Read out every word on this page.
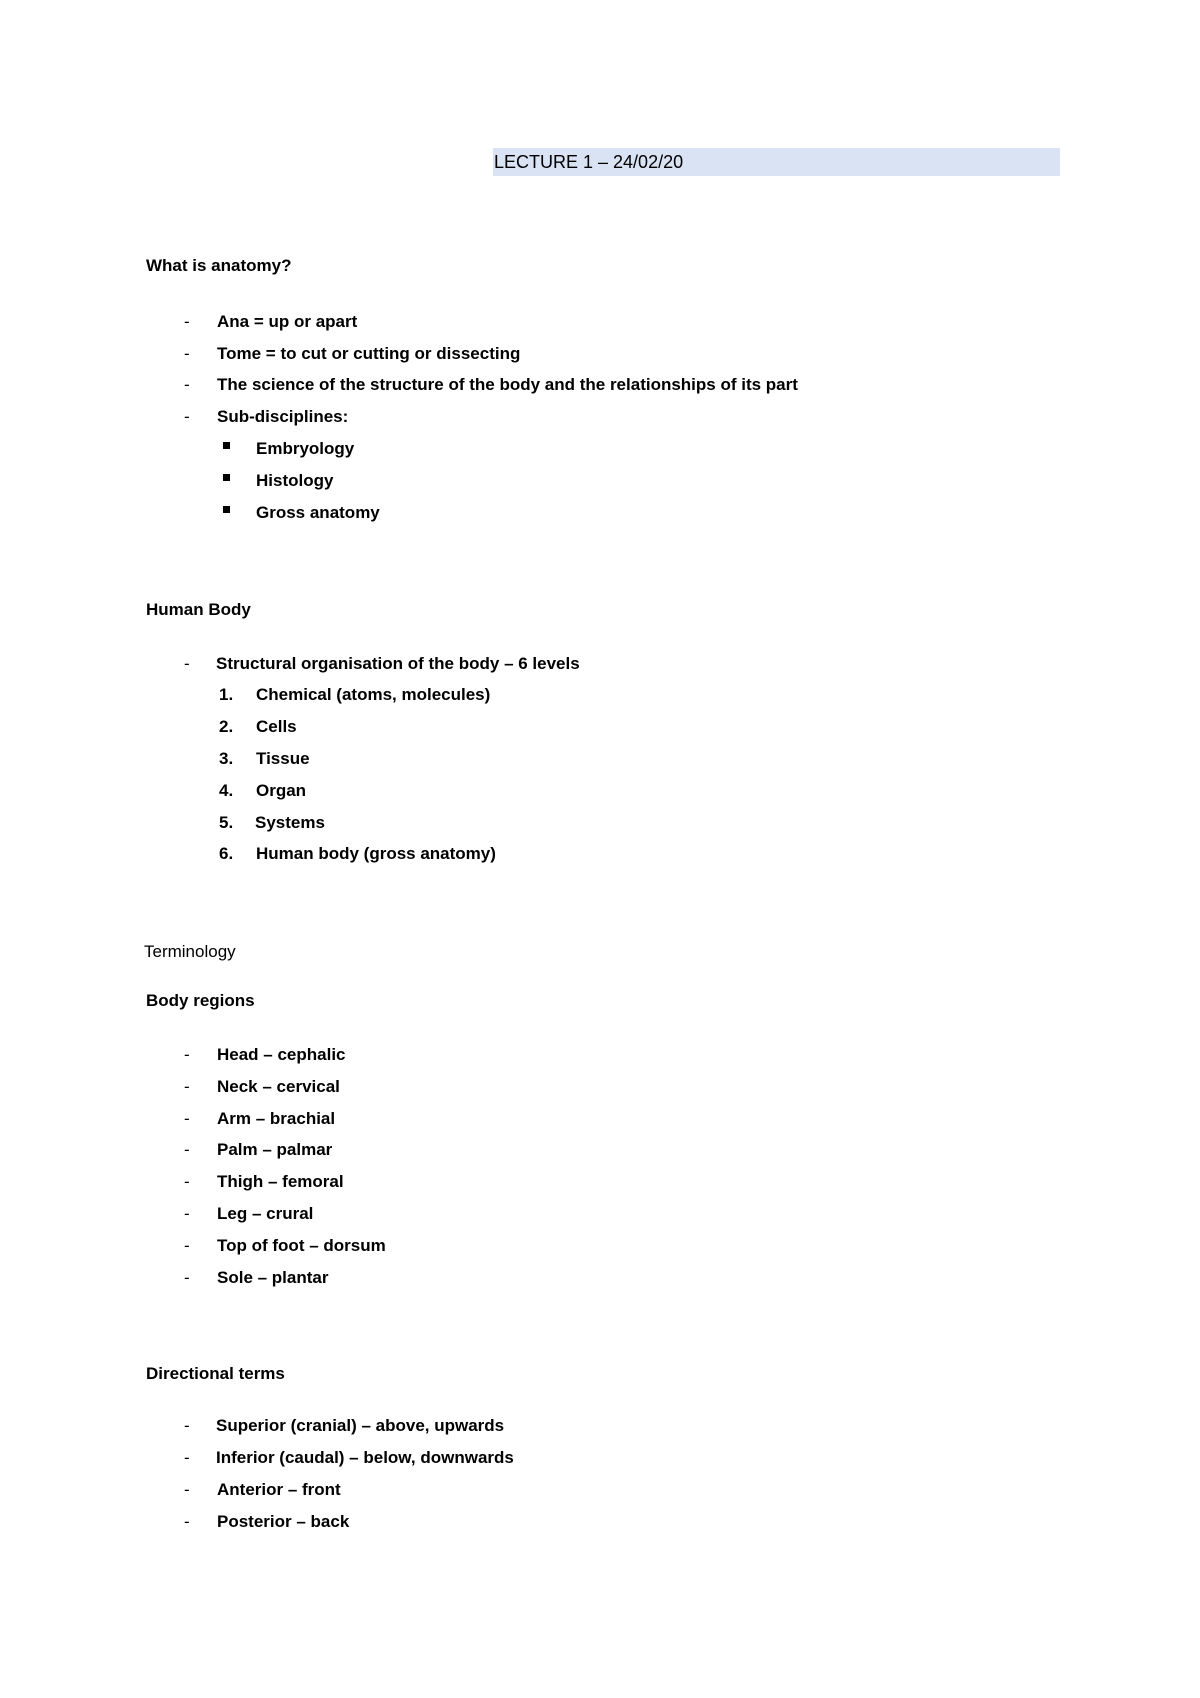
LECTURE 1 – 24/02/20
What is anatomy?
- Ana = up or apart
- Tome = to cut or cutting or dissecting
- The science of the structure of the body and the relationships of its part
- Sub-disciplines:
Embryology
Histology
Gross anatomy
Human Body
- Structural organisation of the body – 6 levels
1. Chemical (atoms, molecules)
2. Cells
3. Tissue
4. Organ
5. Systems
6. Human body (gross anatomy)
Terminology
Body regions
- Head – cephalic
- Neck – cervical
- Arm – brachial
- Palm – palmar
- Thigh – femoral
- Leg – crural
- Top of foot – dorsum
- Sole – plantar
Directional terms
- Superior (cranial) – above, upwards
- Inferior (caudal) – below, downwards
- Anterior – front
- Posterior – back
